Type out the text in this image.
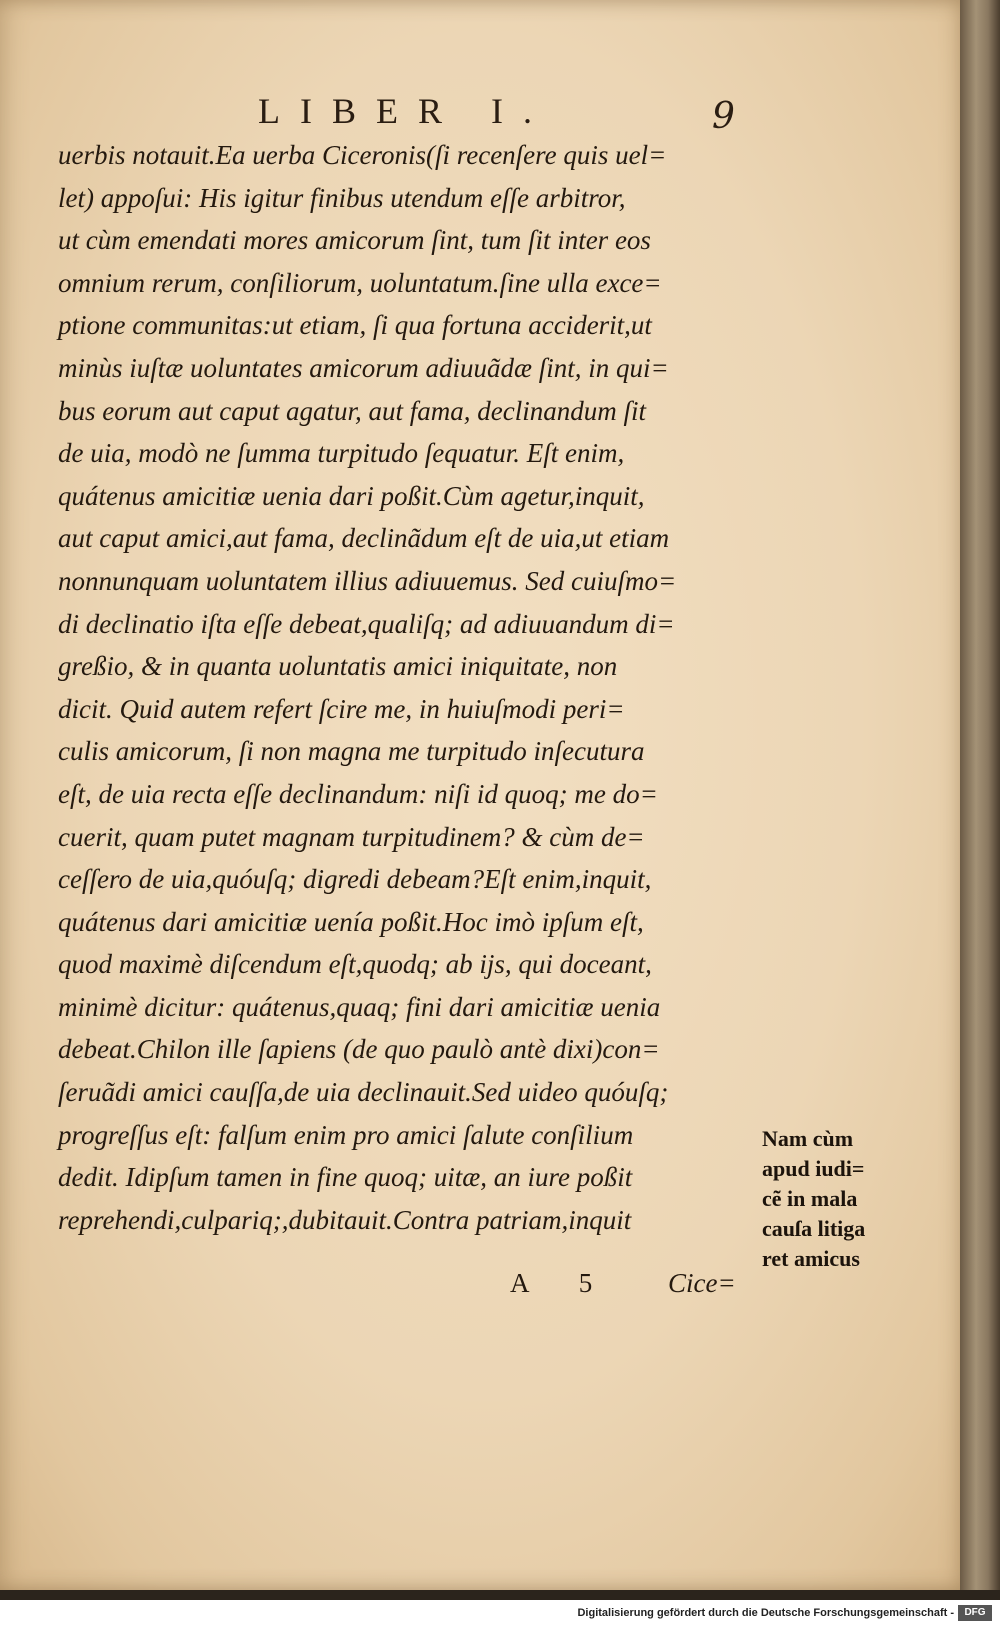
LIBER I.	9
uerbis notauit.Ea uerba Ciceronis(ſi recenſere quis uel=
let) appoſui: His igitur finibus utendum eſſe arbitror,
ut cùm emendati mores amicorum ſint, tum ſit inter eos
omnium rerum, conſiliorum, uoluntatum.ſine ulla exce=
ptione communitas:ut etiam, ſi qua fortuna acciderit,ut
minùs iuſtæ uoluntates amicorum adiuuãdæ ſint, in qui=
bus eorum aut caput agatur, aut fama, declinandum ſit
de uia, modò ne ſumma turpitudo ſequatur. Eſt enim,
quátenus amicitiæ uenia dari poßit.Cùm agetur,inquit,
aut caput amici,aut fama, declinãdum eſt de uia,ut etiam
nonnunquam uoluntatem illius adiuuemus. Sed cuiuſmo=
di declinatio iſta eſſe debeat,qualiſq; ad adiuuandum di=
greßio, & in quanta uoluntatis amici iniquitate, non
dicit. Quid autem refert ſcire me, in huiuſmodi peri=
culis amicorum, ſi non magna me turpitudo inſecutura
eſt, de uia recta eſſe declinandum: niſi id quoq; me do=
cuerit, quam putet magnam turpitudinem? & cùm de=
ceſſero de uia,quóuſq; digredi debeam?Eſt enim,inquit,
quátenus dari amicitiæ uenía poßit.Hoc imò ipſum eſt,
quod maximè diſcendum eſt,quodq; ab ijs, qui doceant,
minimè dicitur: quátenus,quaq; fini dari amicitiæ uenia
debeat.Chilon ille ſapiens (de quo paulò antè dixi)con=
ſeruãdi amici cauſſa,de uia declinauit.Sed uideo quóuſq;
progreſſus eſt: falſum enim pro amici ſalute conſilium
dedit. Idipſum tamen in fine quoq; uitæ, an iure poßit
reprehendi,culpariq;,dubitauit.Contra patriam,inquit
Nam cùm
apud iudi=
cẽ in mala
cauſa litiga
ret amicus
A 5 Cice=
Digitalisierung gefördert durch die Deutsche Forschungsgemeinschaft -	DFG
